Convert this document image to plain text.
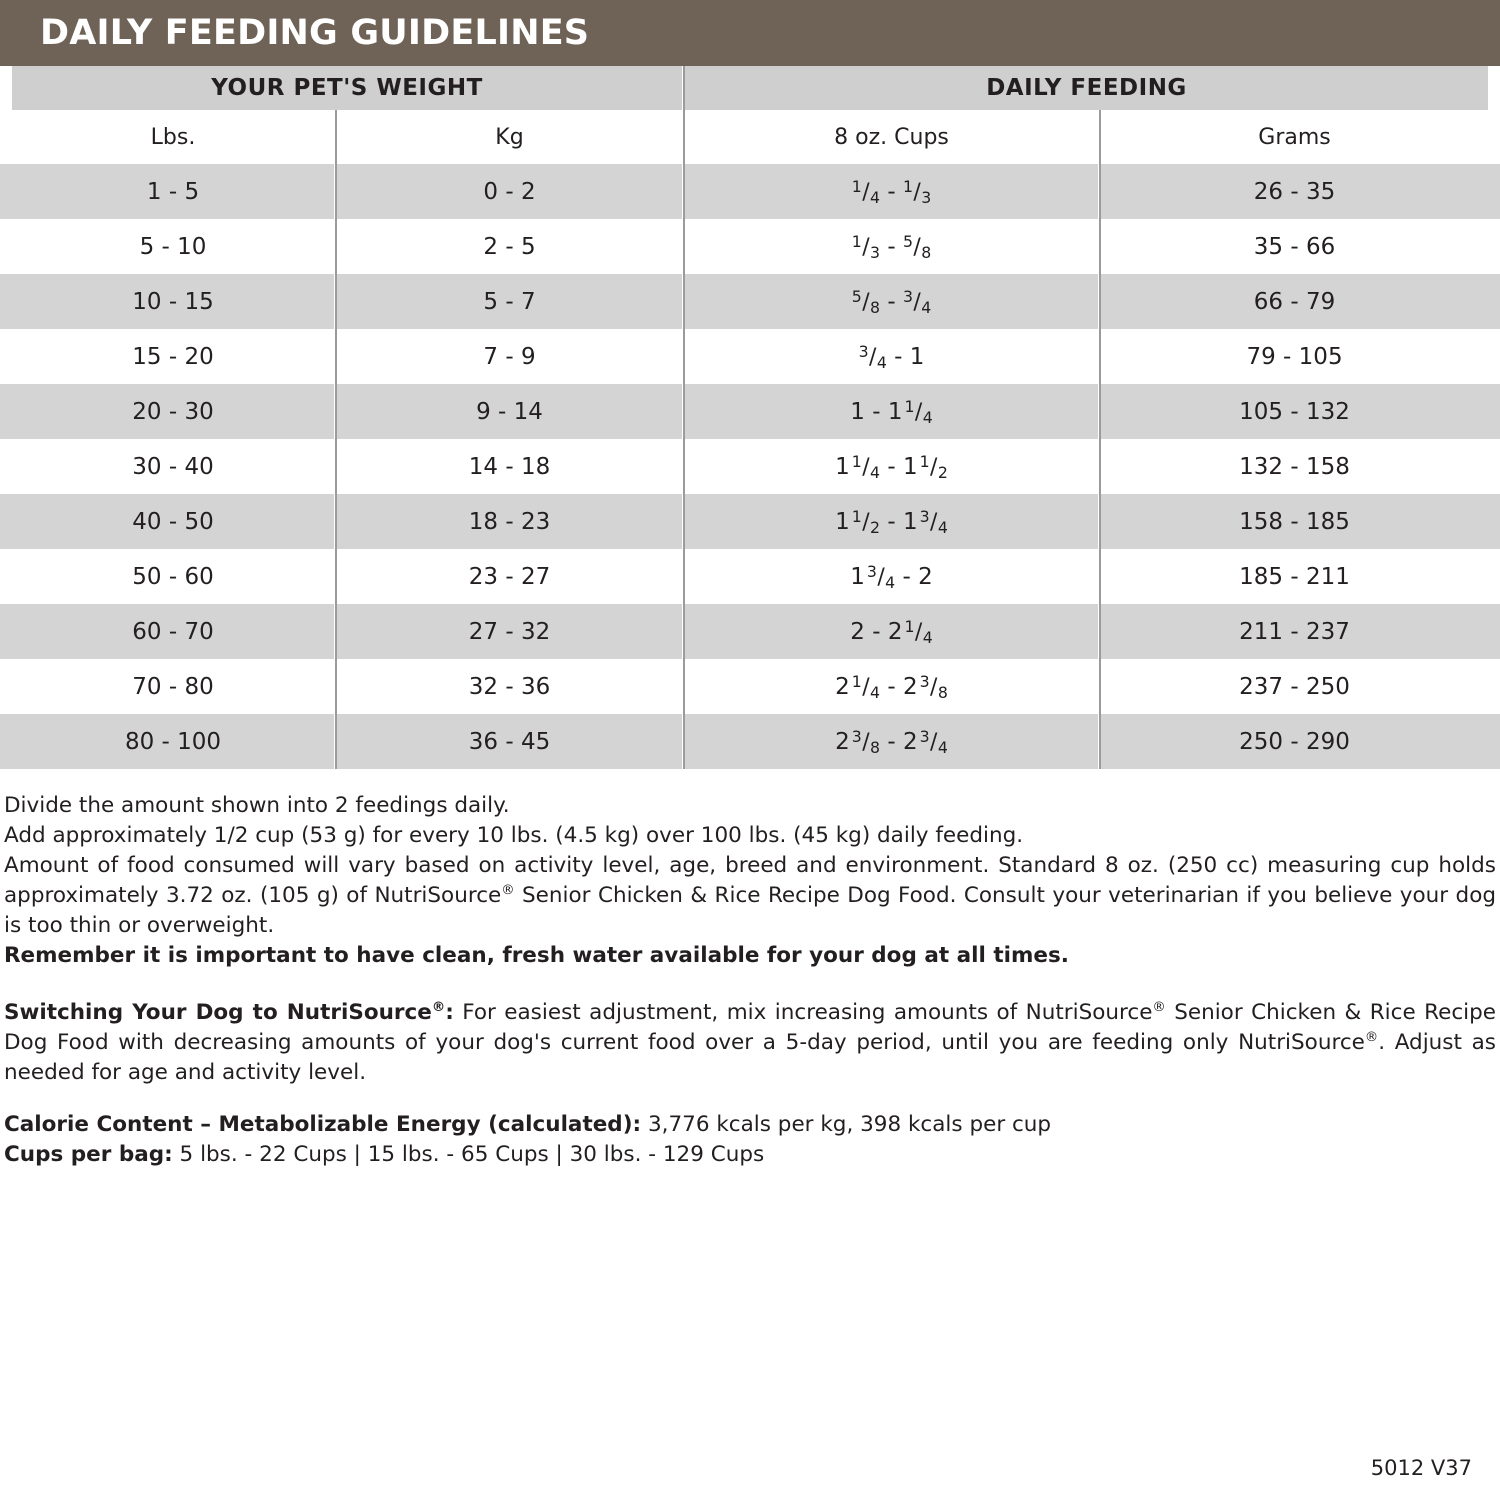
DAILY FEEDING GUIDELINES
	YOUR PET'S WEIGHT				DAILY FEEDING			
	Lbs.		Kg		8 oz. Cups		Grams	
	1 - 5		0 - 2		$^1/_4 - ^1/_3$		26 - 35	
	5 - 10		2 - 5		$^1/_3 - ^5/_8$		35 - 66	
	10 - 15		5 - 7		$^5/_8 - ^3/_4$		66 - 79	
	15 - 20		7 - 9		$^3/_4 - 1$		79 - 105	
	20 - 30		9 - 14		1 - 1 $^1/_4$		105 - 132	
	30 - 40		14 - 18		1 $^1/_4 - 1$ $^1/_2$		132 - 158	
	40 - 50		18 - 23		1 $^1/_2 - 1$ $^3/_4$		158 - 185	
	50 - 60		23 - 27		1 $^3/_4 - 2$		185 - 211	
	60 - 70		27 - 32		2 - 2 $^1/_4$		211 - 237	
	70 - 80		32 - 36		2 $^1/_4 - 2$ $^3/_8$		237 - 250	
	80 - 100		36 - 45		2 $^3/_8 - 2$ $^3/_4$		250 - 290	

Divide the amount shown into 2 feedings daily.

Add approximately 1/2 cup (53 g) for every 10 lbs. (4.5 kg) over 100 lbs. (45 kg) daily feeding.

Amount of food consumed will vary based on activity level, age, breed and environment. Standard 8 oz. (250 cc) measuring cup holds approximately 3.72 oz. (105 g) of NutriSource® Senior Chicken & Rice Recipe Dog Food. Consult your veterinarian if you believe your dog is too thin or overweight.

Remember it is important to have clean, fresh water available for your dog at all times.

Switching Your Dog to NutriSource®: For easiest adjustment, mix increasing amounts of NutriSource® Senior Chicken & Rice Recipe Dog Food with decreasing amounts of your dog's current food over a 5-day period, until you are feeding only NutriSource®. Adjust as needed for age and activity level.

Calorie Content – Metabolizable Energy (calculated): 3,776 kcals per kg, 398 kcals per cup

Cups per bag: 5 lbs. - 22 Cups | 15 lbs. - 65 Cups | 30 lbs. - 129 Cups

5012 V37
